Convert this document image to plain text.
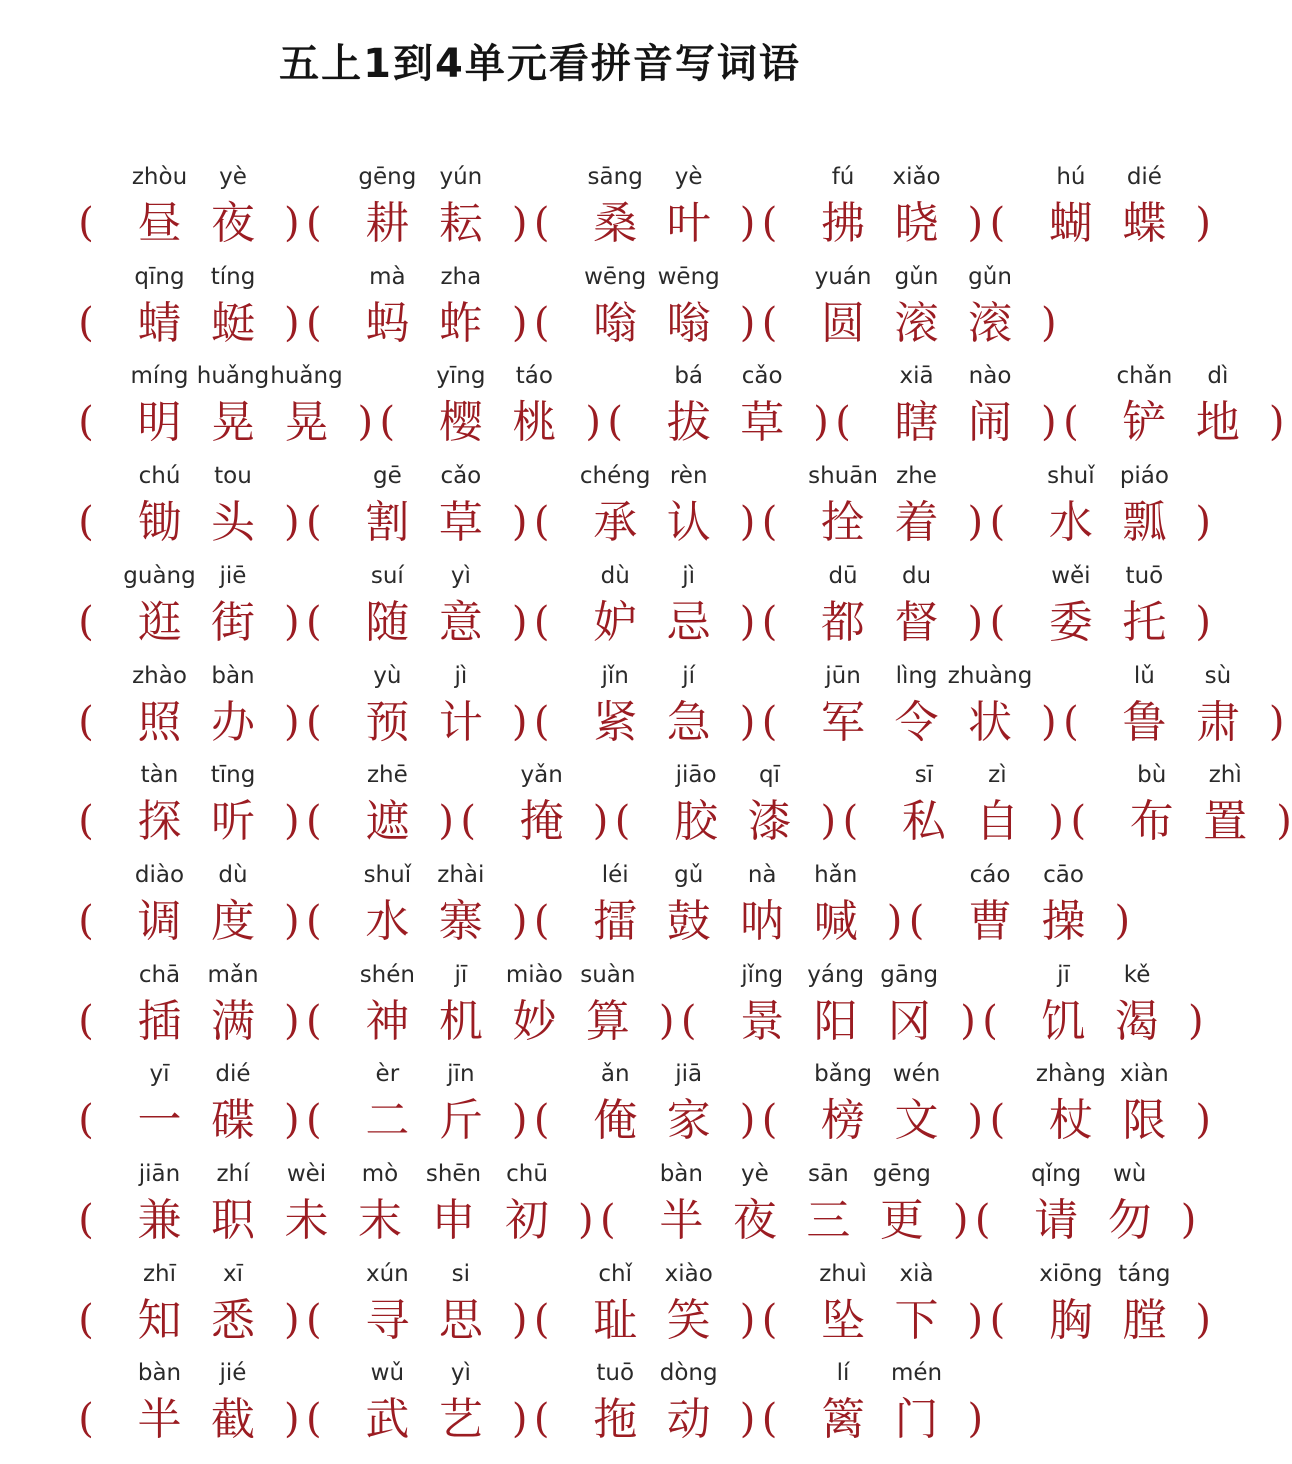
五上1到4单元看拼音写词语
(
zhòu
昼
yè
夜 ) (
gēng
耕
yún
耘 ) (
sāng
桑
yè
叶 ) (
fú
拂
xiǎo
晓 ) (
hú
蝴
dié
蝶 )
(
qīng
蜻
tíng
蜓 ) (
mà
蚂
zha
蚱 ) (
wēng
嗡
wēng
嗡 ) (
yuán
圆
gǔn
滚
gǔn
滚 )
(
míng
明
huǎng
晃
huǎng
晃 ) (
yīng
樱
táo
桃 ) (
bá
拔
cǎo
草 ) (
xiā
瞎
nào
闹 ) (
chǎn
铲
dì
地 )
(
chú
锄
tou
头 ) (
gē
割
cǎo
草 ) (
chéng
承
rèn
认 ) (
shuān
拴
zhe
着 ) (
shuǐ
水
piáo
瓢 )
(
guàng
逛
jiē
街 ) (
suí
随
yì
意 ) (
dù
妒
jì
忌 ) (
dū
都
du
督 ) (
wěi
委
tuō
托 )
(
zhào
照
bàn
办 ) (
yù
预
jì
计 ) (
jǐn
紧
jí
急 ) (
jūn
军
lìng
令
zhuàng
状 ) (
lǔ
鲁
sù
肃 )
(
tàn
探
tīng
听 ) (
zhē
遮 ) (
yǎn
掩 ) (
jiāo
胶
qī
漆 ) (
sī
私
zì
自 ) (
bù
布
zhì
置 )
(
diào
调
dù
度 ) (
shuǐ
水
zhài
寨 ) (
léi
擂
gǔ
鼓
nà
呐
hǎn
喊 ) (
cáo
曹
cāo
操 )
(
chā
插
mǎn
满 ) (
shén
神
jī
机
miào
妙
suàn
算 ) (
jǐng
景
yáng
阳
gāng
冈 ) (
jī
饥
kě
渴 )
(
yī
一
dié
碟 ) (
èr
二
jīn
斤 ) (
ǎn
俺
jiā
家 ) (
bǎng
榜
wén
文 ) (
zhàng
杖
xiàn
限 )
(
jiān
兼
zhí
职
wèi
未
mò
末
shēn
申
chū
初 ) (
bàn
半
yè
夜
sān
三
gēng
更 ) (
qǐng
请
wù
勿 )
(
zhī
知
xī
悉 ) (
xún
寻
si
思 ) (
chǐ
耻
xiào
笑 ) (
zhuì
坠
xià
下 ) (
xiōng
胸
táng
膛 )
(
bàn
半
jié
截 ) (
wǔ
武
yì
艺 ) (
tuō
拖
dòng
动 ) (
lí
篱
mén
门 )
